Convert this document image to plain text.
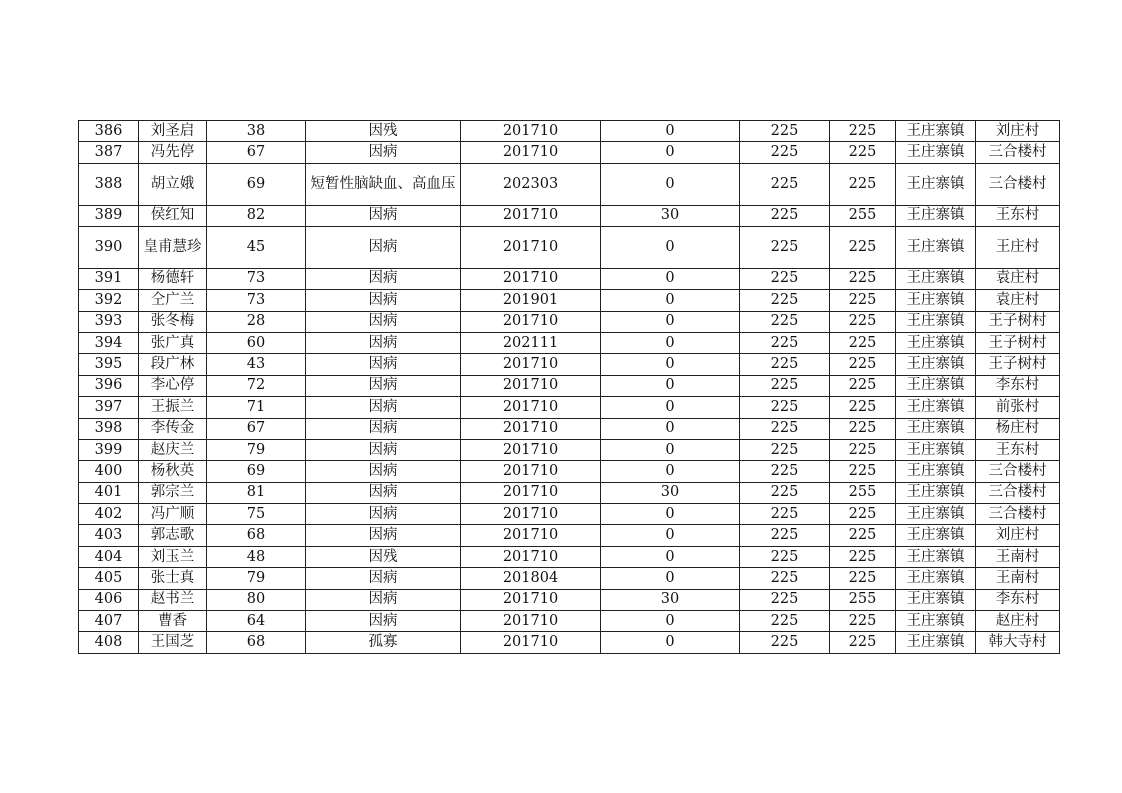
386	刘圣启	38	因残	201710	0	225	225	王庄寨镇	刘庄村
387	冯先停	67	因病	201710	0	225	225	王庄寨镇	三合楼村
388	胡立娥	69	短暂性脑缺血、高血压	202303	0	225	225	王庄寨镇	三合楼村
389	侯红知	82	因病	201710	30	225	255	王庄寨镇	王东村
390	皇甫慧珍	45	因病	201710	0	225	225	王庄寨镇	王庄村
391	杨德轩	73	因病	201710	0	225	225	王庄寨镇	袁庄村
392	仝广兰	73	因病	201901	0	225	225	王庄寨镇	袁庄村
393	张冬梅	28	因病	201710	0	225	225	王庄寨镇	王子树村
394	张广真	60	因病	202111	0	225	225	王庄寨镇	王子树村
395	段广林	43	因病	201710	0	225	225	王庄寨镇	王子树村
396	李心停	72	因病	201710	0	225	225	王庄寨镇	李东村
397	王振兰	71	因病	201710	0	225	225	王庄寨镇	前张村
398	李传金	67	因病	201710	0	225	225	王庄寨镇	杨庄村
399	赵庆兰	79	因病	201710	0	225	225	王庄寨镇	王东村
400	杨秋英	69	因病	201710	0	225	225	王庄寨镇	三合楼村
401	郭宗兰	81	因病	201710	30	225	255	王庄寨镇	三合楼村
402	冯广顺	75	因病	201710	0	225	225	王庄寨镇	三合楼村
403	郭志歌	68	因病	201710	0	225	225	王庄寨镇	刘庄村
404	刘玉兰	48	因残	201710	0	225	225	王庄寨镇	王南村
405	张士真	79	因病	201804	0	225	225	王庄寨镇	王南村
406	赵书兰	80	因病	201710	30	225	255	王庄寨镇	李东村
407	曹香	64	因病	201710	0	225	225	王庄寨镇	赵庄村
408	王国芝	68	孤寡	201710	0	225	225	王庄寨镇	韩大寺村
